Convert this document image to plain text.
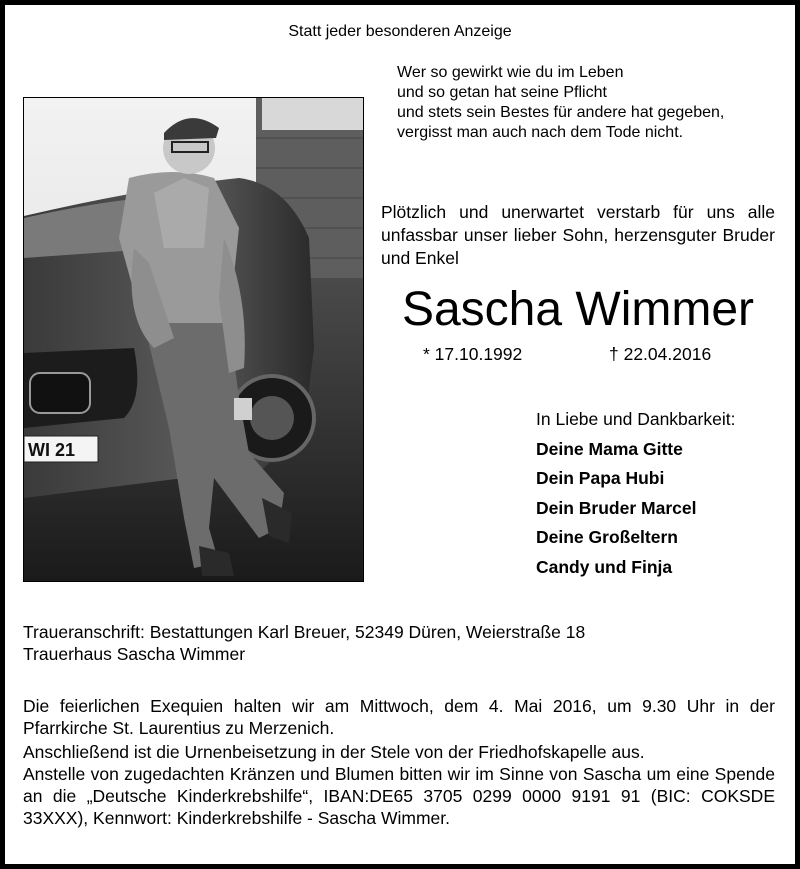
Statt jeder besonderen Anzeige
Wer so gewirkt wie du im Leben
und so getan hat seine Pflicht
und stets sein Bestes für andere hat gegeben,
vergisst man auch nach dem Tode nicht.
WI 21
Plötzlich und unerwartet verstarb für uns alle unfassbar unser lieber Sohn, herzensguter Bruder und Enkel
Sascha Wimmer
* 17.10.1992	† 22.04.2016
In Liebe und Dankbarkeit:
Deine Mama Gitte
Dein Papa Hubi
Dein Bruder Marcel
Deine Großeltern
Candy und Finja
Traueranschrift: Bestattungen Karl Breuer, 52349 Düren, Weierstraße 18
Trauerhaus Sascha Wimmer

Die feierlichen Exequien halten wir am Mittwoch, dem 4. Mai 2016, um 9.30 Uhr in der Pfarrkirche St. Laurentius zu Merzenich.

Anschließend ist die Urnenbeisetzung in der Stele von der Friedhofskapelle aus.

Anstelle von zugedachten Kränzen und Blumen bitten wir im Sinne von Sascha um eine Spende an die „Deutsche Kinderkrebshilfe“, IBAN:DE65 3705 0299 0000 9191 91 (BIC: COKSDE 33XXX), Kennwort: Kinderkrebshilfe - Sascha Wimmer.
